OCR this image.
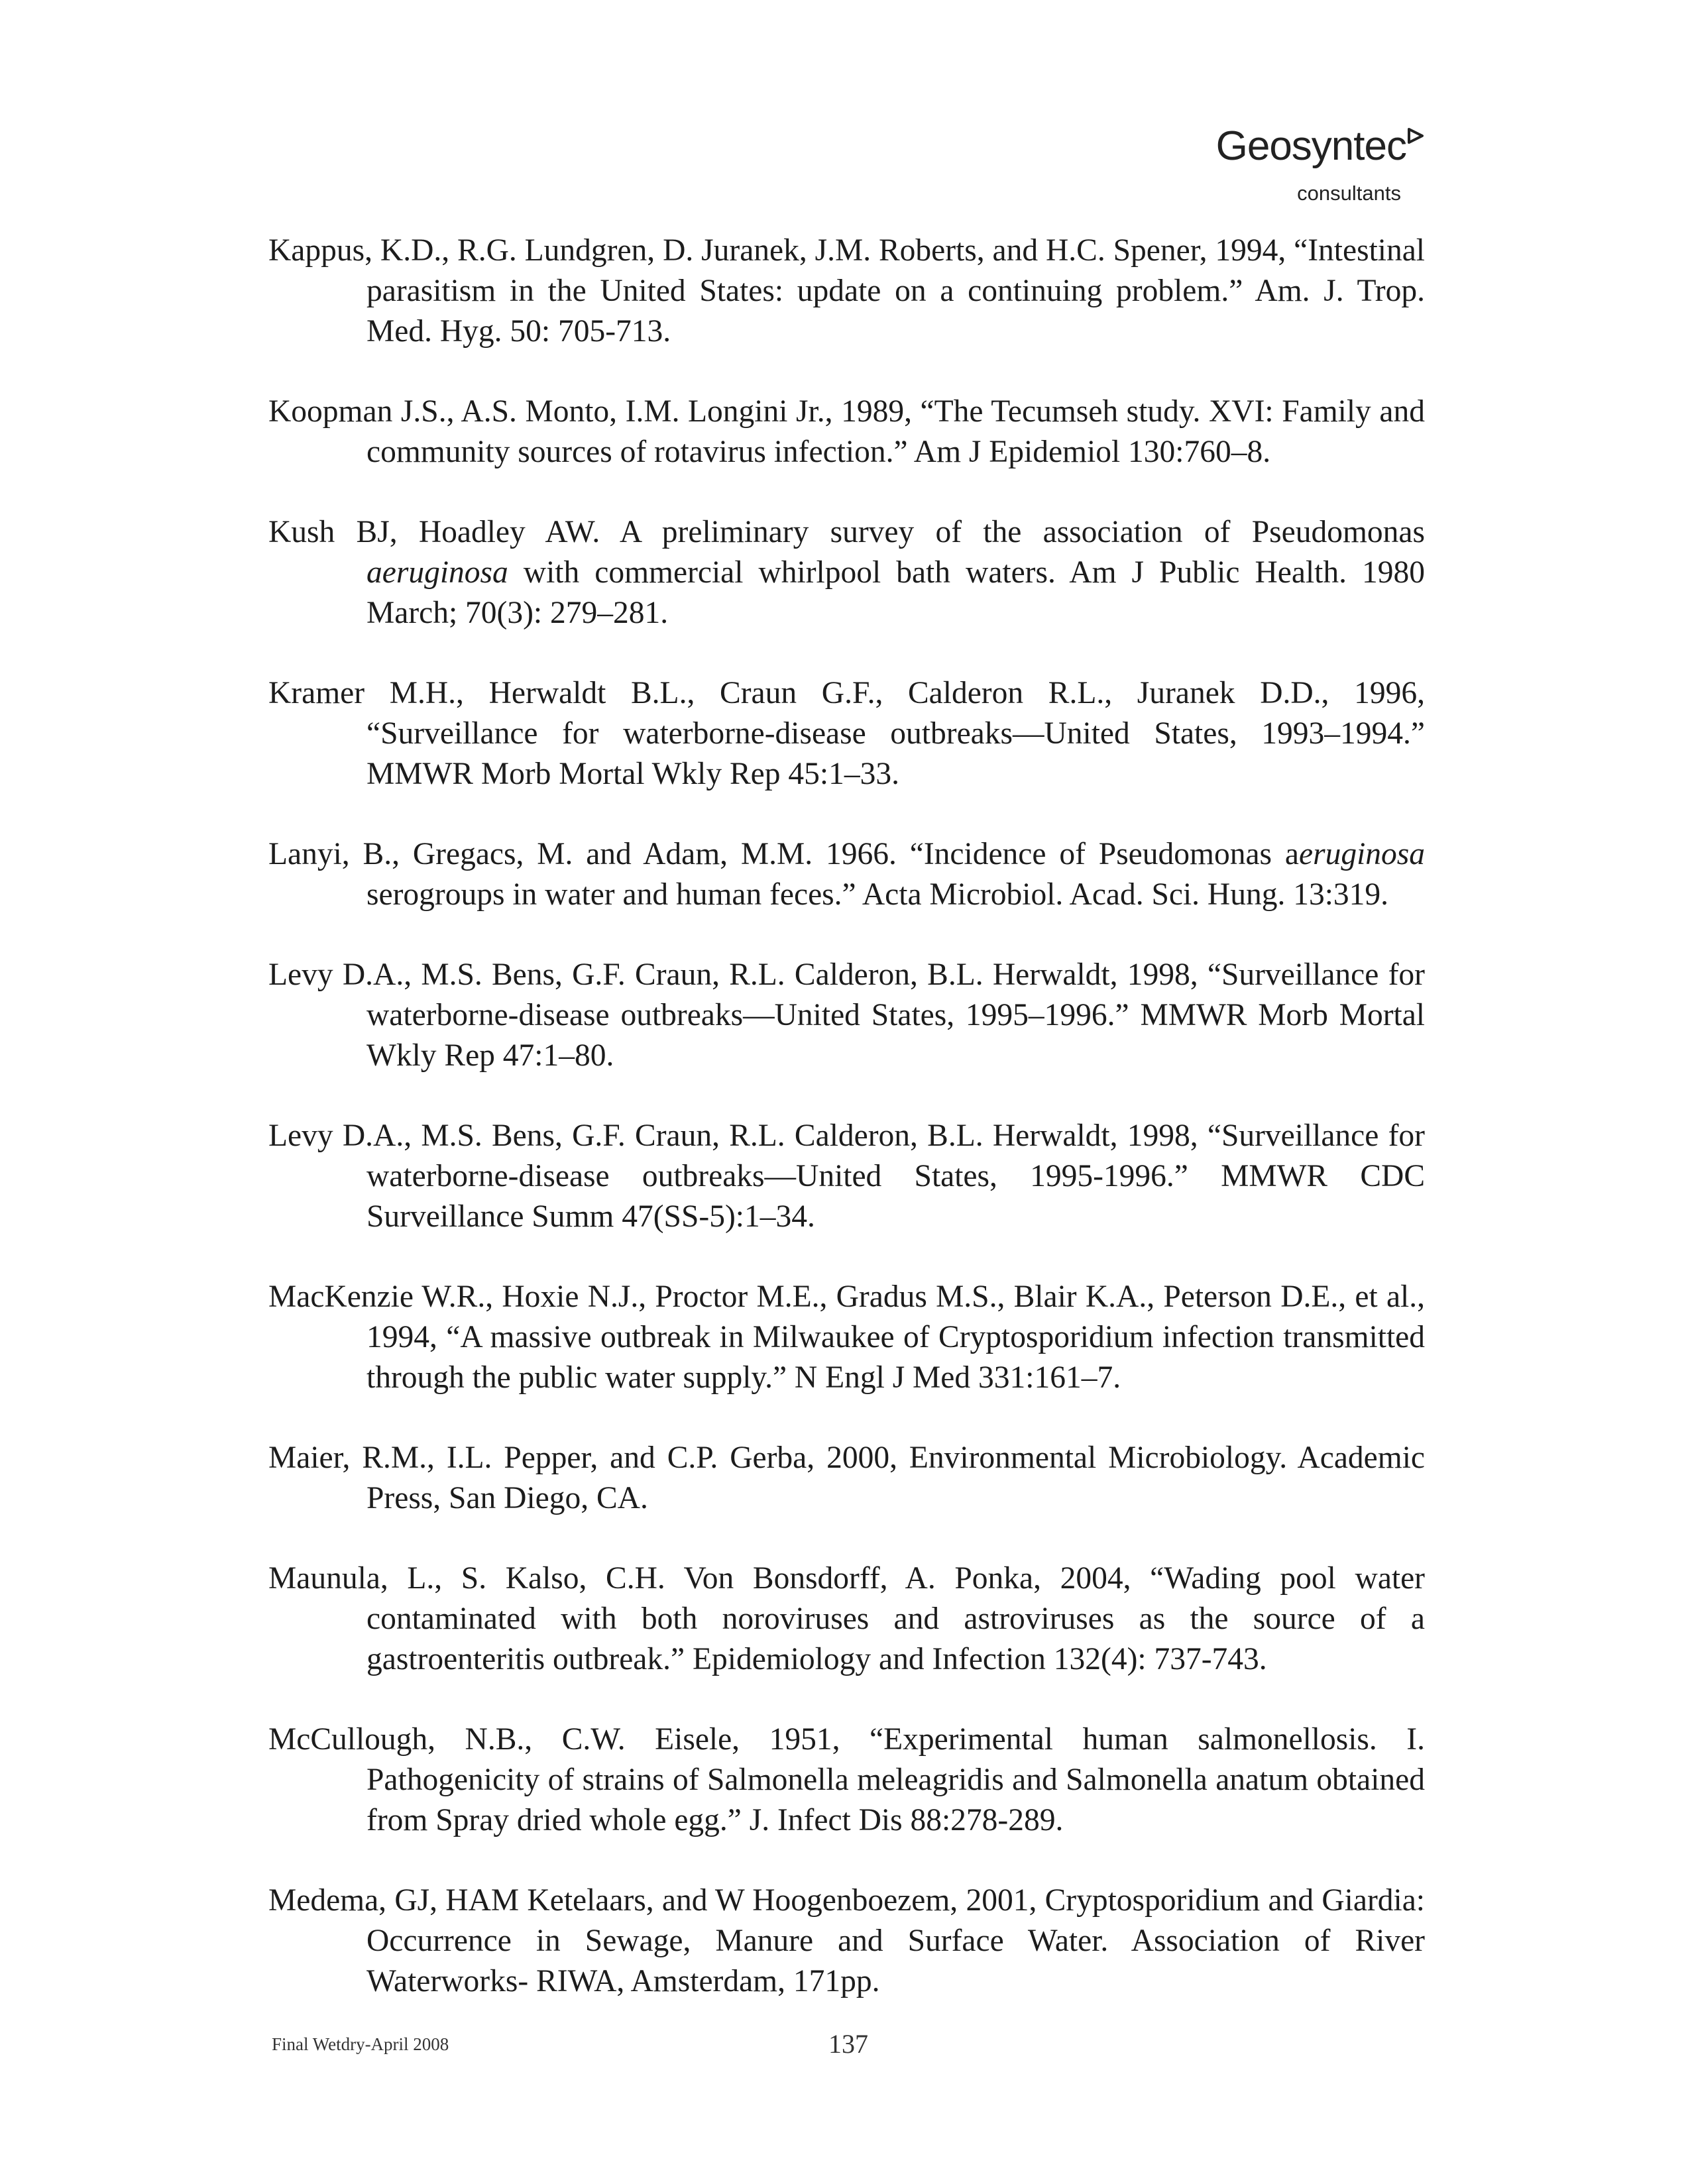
Geosyntec
consultants
Kappus, K.D., R.G. Lundgren, D. Juranek, J.M. Roberts, and H.C. Spener, 1994, “Intestinal parasitism in the United States: update on a continuing problem.” Am. J. Trop. Med. Hyg. 50: 705-713.
Koopman J.S., A.S. Monto, I.M. Longini Jr., 1989, “The Tecumseh study. XVI: Family and community sources of rotavirus infection.” Am J Epidemiol 130:760–8.
Kush BJ, Hoadley AW. A preliminary survey of the association of Pseudomonas aeruginosa with commercial whirlpool bath waters. Am J Public Health. 1980 March; 70(3): 279–281.
Kramer M.H., Herwaldt B.L., Craun G.F., Calderon R.L., Juranek D.D., 1996, “Surveillance for waterborne-disease outbreaks—United States, 1993–1994.” MMWR Morb Mortal Wkly Rep 45:1–33.
Lanyi, B., Gregacs, M. and Adam, M.M. 1966. “Incidence of Pseudomonas aeruginosa serogroups in water and human feces.” Acta Microbiol. Acad. Sci. Hung. 13:319.
Levy D.A., M.S. Bens, G.F. Craun, R.L. Calderon, B.L. Herwaldt, 1998, “Surveillance for waterborne-disease outbreaks—United States, 1995–1996.” MMWR Morb Mortal Wkly Rep 47:1–80.
Levy D.A., M.S. Bens, G.F. Craun, R.L. Calderon, B.L. Herwaldt, 1998, “Surveillance for waterborne-disease outbreaks—United States, 1995-1996.” MMWR CDC Surveillance Summ 47(SS-5):1–34.
MacKenzie W.R., Hoxie N.J., Proctor M.E., Gradus M.S., Blair K.A., Peterson D.E., et al., 1994, “A massive outbreak in Milwaukee of Cryptosporidium infection transmitted through the public water supply.” N Engl J Med 331:161–7.
Maier, R.M., I.L. Pepper, and C.P. Gerba, 2000, Environmental Microbiology. Academic Press, San Diego, CA.
Maunula, L., S. Kalso, C.H. Von Bonsdorff, A. Ponka, 2004, “Wading pool water contaminated with both noroviruses and astroviruses as the source of a gastroenteritis outbreak.” Epidemiology and Infection 132(4): 737-743.
McCullough, N.B., C.W. Eisele, 1951, “Experimental human salmonellosis. I. Pathogenicity of strains of Salmonella meleagridis and Salmonella anatum obtained from Spray dried whole egg.” J. Infect Dis 88:278-289.
Medema, GJ, HAM Ketelaars, and W Hoogenboezem, 2001, Cryptosporidium and Giardia: Occurrence in Sewage, Manure and Surface Water. Association of River Waterworks- RIWA, Amsterdam, 171pp.
Final Wetdry-April 2008	137
